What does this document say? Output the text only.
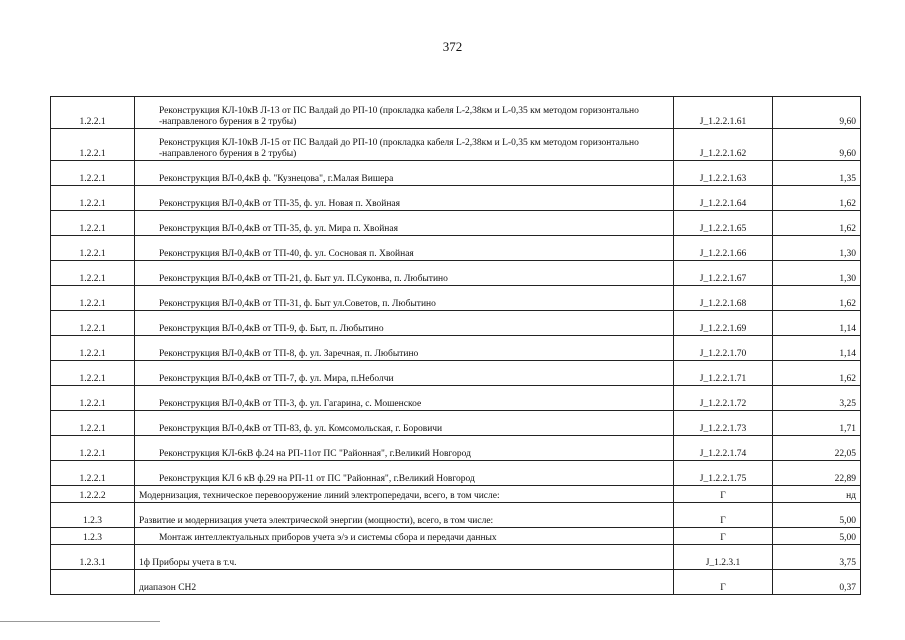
372
1.2.2.1	Реконструкция КЛ-10кВ Л-13 от ПС Валдай до РП-10 (прокладка кабеля L-2,38км и L-0,35 км методом горизонтально -направленого бурения в 2 трубы)	J_1.2.2.1.61	9,60
1.2.2.1	Реконструкция КЛ-10кВ Л-15 от ПС Валдай до РП-10 (прокладка кабеля L-2,38км и L-0,35 км методом горизонтально -направленого бурения в 2 трубы)	J_1.2.2.1.62	9,60
1.2.2.1	Реконструкция ВЛ-0,4кВ ф. "Кузнецова", г.Малая Вишера	J_1.2.2.1.63	1,35
1.2.2.1	Реконструкция ВЛ-0,4кВ от ТП-35, ф. ул. Новая п. Хвойная	J_1.2.2.1.64	1,62
1.2.2.1	Реконструкция ВЛ-0,4кВ от ТП-35, ф. ул. Мира п. Хвойная	J_1.2.2.1.65	1,62
1.2.2.1	Реконструкция ВЛ-0,4кВ от ТП-40, ф. ул. Сосновая п. Хвойная	J_1.2.2.1.66	1,30
1.2.2.1	Реконструкция ВЛ-0,4кВ от ТП-21, ф. Быт ул. П.Суконва, п. Любытино	J_1.2.2.1.67	1,30
1.2.2.1	Реконструкция ВЛ-0,4кВ от ТП-31, ф. Быт ул.Советов, п. Любытино	J_1.2.2.1.68	1,62
1.2.2.1	Реконструкция ВЛ-0,4кВ от ТП-9, ф. Быт, п. Любытино	J_1.2.2.1.69	1,14
1.2.2.1	Реконструкция ВЛ-0,4кВ от ТП-8, ф. ул. Заречная, п. Любытино	J_1.2.2.1.70	1,14
1.2.2.1	Реконструкция ВЛ-0,4кВ от ТП-7, ф. ул. Мира, п.Неболчи	J_1.2.2.1.71	1,62
1.2.2.1	Реконструкция ВЛ-0,4кВ от ТП-3, ф. ул. Гагарина, с. Мошенское	J_1.2.2.1.72	3,25
1.2.2.1	Реконструкция ВЛ-0,4кВ от ТП-83, ф. ул. Комсомольская, г. Боровичи	J_1.2.2.1.73	1,71
1.2.2.1	Реконструкция КЛ-6кВ ф.24 на РП-11от ПС "Районная", г.Великий Новгород	J_1.2.2.1.74	22,05
1.2.2.1	Реконструкция КЛ 6 кВ ф.29 на РП-11 от ПС "Районная", г.Великий Новгород	J_1.2.2.1.75	22,89
1.2.2.2	Модернизация, техническое перевооружение линий электропередачи, всего, в том числе:	Г	нд
1.2.3	Развитие и модернизация учета электрической энергии (мощности), всего, в том числе:	Г	5,00
1.2.3	Монтаж интеллектуальных приборов учета э/э и системы сбора и передачи данных	Г	5,00
1.2.3.1	1ф Приборы учета в т.ч.	J_1.2.3.1	3,75

	диапазон СН2	Г	0,37
